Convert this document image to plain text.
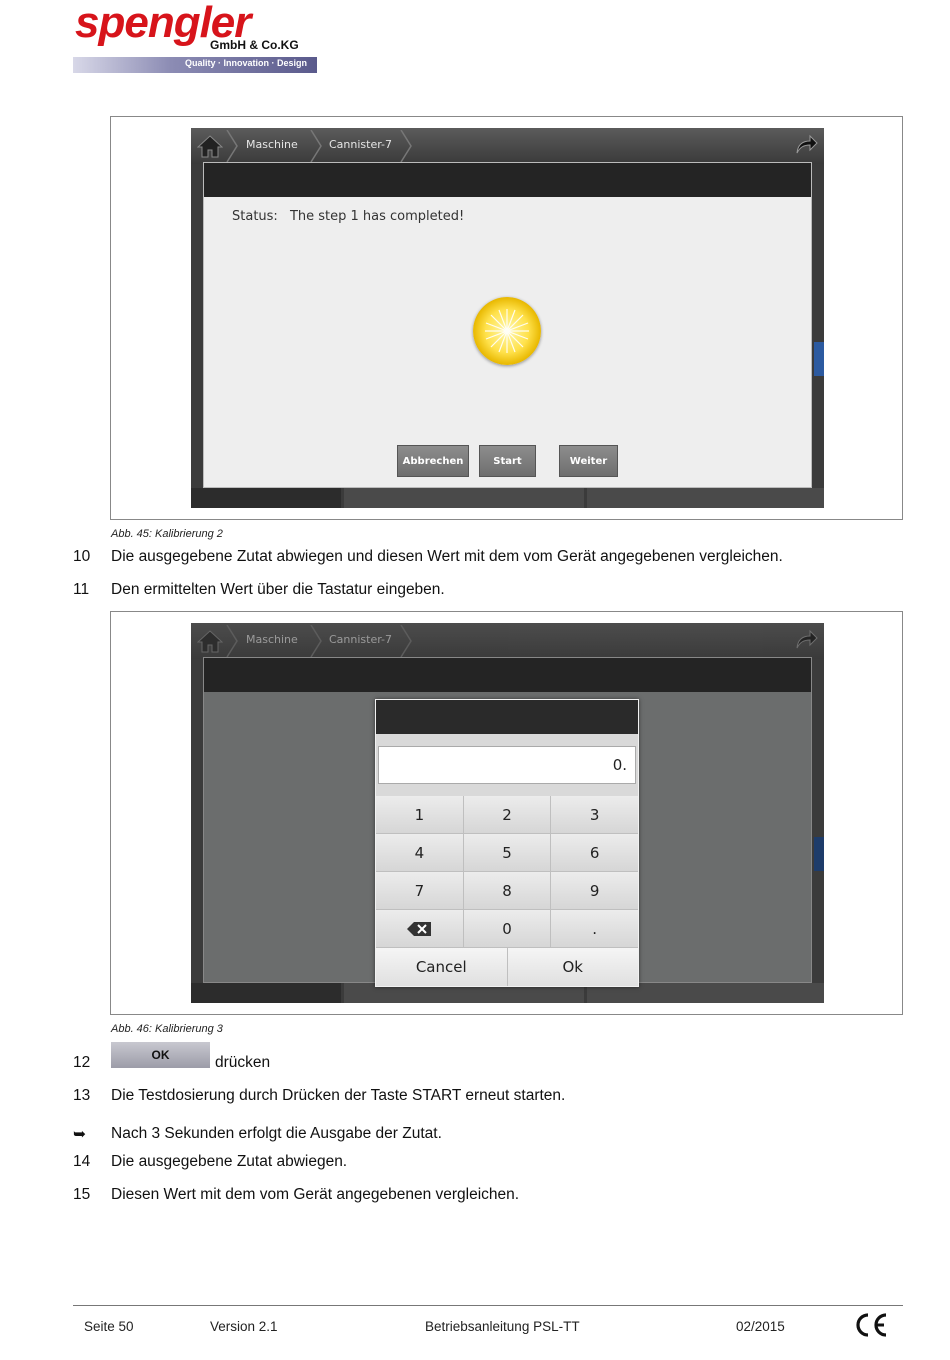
spengler
GmbH & Co.KG
Quality · Innovation · Design
Maschine	Cannister-7
Status: The step 1 has completed!
Abbrechen	Start	Weiter
Abb. 45: Kalibrierung 2
10 Die ausgegebene Zutat abwiegen und diesen Wert mit dem vom Gerät angegebenen vergleichen.
11 Den ermittelten Wert über die Tastatur eingeben.
Maschine	Cannister-7
0.
1	2	3
4	5	6
7	8	9
0	.
Cancel	Ok
Abb. 46: Kalibrierung 3
12	drücken
OK
13 Die Testdosierung durch Drücken der Taste START erneut starten.
➥ Nach 3 Sekunden erfolgt die Ausgabe der Zutat.
14 Die ausgegebene Zutat abwiegen.
15 Diesen Wert mit dem vom Gerät angegebenen vergleichen.
Seite 50	Version 2.1	Betriebsanleitung PSL-TT	02/2015
